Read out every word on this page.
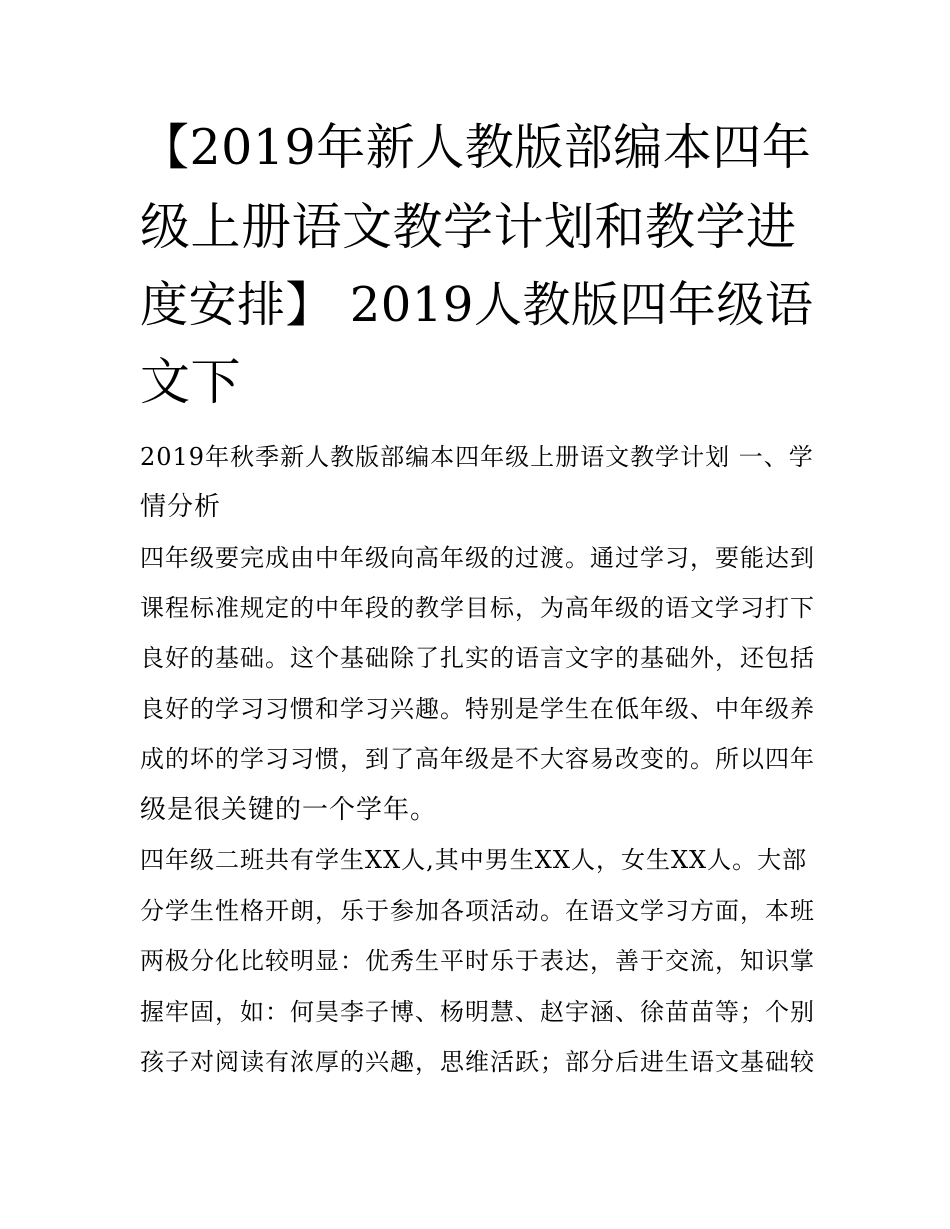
【2019年新人教版部编本四年
级上册语文教学计划和教学进
度安排】 2019人教版四年级语
文下
2019年秋季新人教版部编本四年级上册语文教学计划 一、学
情分析
四年级要完成由中年级向高年级的过渡。通过学习，要能达到
课程标准规定的中年段的教学目标，为高年级的语文学习打下
良好的基础。这个基础除了扎实的语言文字的基础外，还包括
良好的学习习惯和学习兴趣。特别是学生在低年级、中年级养
成的坏的学习习惯，到了高年级是不大容易改变的。所以四年
级是很关键的一个学年。
四年级二班共有学生XX人,其中男生XX人，女生XX人。大部
分学生性格开朗，乐于参加各项活动。在语文学习方面，本班
两极分化比较明显：优秀生平时乐于表达，善于交流，知识掌
握牢固，如：何昊李子博、杨明慧、赵宇涵、徐苗苗等；个别
孩子对阅读有浓厚的兴趣，思维活跃；部分后进生语文基础较
